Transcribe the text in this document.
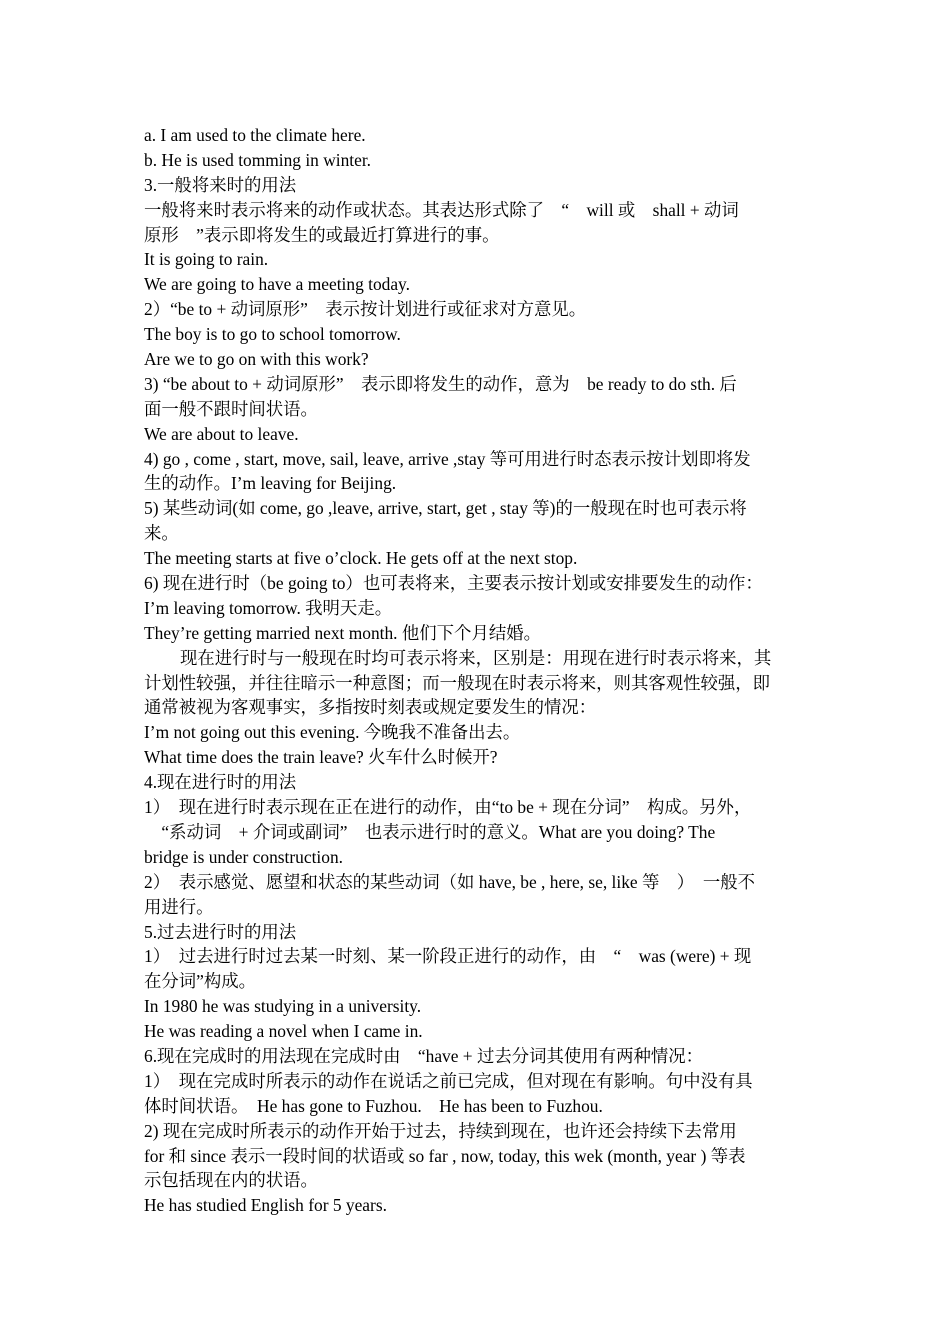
a. I am used to the climate here.
b. He is used tomming in winter.
3.一般将来时的用法
一般将来时表示将来的动作或状态。其表达形式除了　“　will 或　shall + 动词
原形　”表示即将发生的或最近打算进行的事。
It is going to rain.
We are going to have a meeting today.
2）“be to + 动词原形”　表示按计划进行或征求对方意见。
The boy is to go to school tomorrow.
Are we to go on with this work?
3) “be about to + 动词原形”　表示即将发生的动作，意为　be ready to do sth. 后
面一般不跟时间状语。
We are about to leave.
4) go , come , start, move, sail, leave, arrive ,stay 等可用进行时态表示按计划即将发
生的动作。I’m leaving for Beijing.
5) 某些动词(如 come, go ,leave, arrive, start, get , stay 等)的一般现在时也可表示将
来。
The meeting starts at five o’clock. He gets off at the next stop.
6) 现在进行时（be going to）也可表将来，主要表示按计划或安排要发生的动作：
I’m leaving tomorrow. 我明天走。
They’re getting married next month. 他们下个月结婚。
现在进行时与一般现在时均可表示将来，区别是：用现在进行时表示将来，其
计划性较强，并往往暗示一种意图；而一般现在时表示将来，则其客观性较强，即
通常被视为客观事实，多指按时刻表或规定要发生的情况：
I’m not going out this evening. 今晚我不准备出去。
What time does the train leave? 火车什么时候开?
4.现在进行时的用法
1）　现在进行时表示现在正在进行的动作，由“to be + 现在分词”　构成。另外，
　“系动词　+ 介词或副词”　也表示进行时的意义。What are you doing? The
bridge is under construction.
2）　表示感觉、愿望和状态的某些动词（如 have, be , here, se, like 等　）　一般不
用进行。
5.过去进行时的用法
1）　过去进行时过去某一时刻、某一阶段正进行的动作，由　“　was (were) + 现
在分词”构成。
In 1980 he was studying in a university.
He was reading a novel when I came in.
6.现在完成时的用法现在完成时由　“have + 过去分词其使用有两种情况：
1）　现在完成时所表示的动作在说话之前已完成，但对现在有影响。句中没有具
体时间状语。　He has gone to Fuzhou.　He has been to Fuzhou.
2) 现在完成时所表示的动作开始于过去，持续到现在，也许还会持续下去常用
for 和 since 表示一段时间的状语或 so far , now, today, this wek (month, year ) 等表
示包括现在内的状语。
He has studied English for 5 years.
